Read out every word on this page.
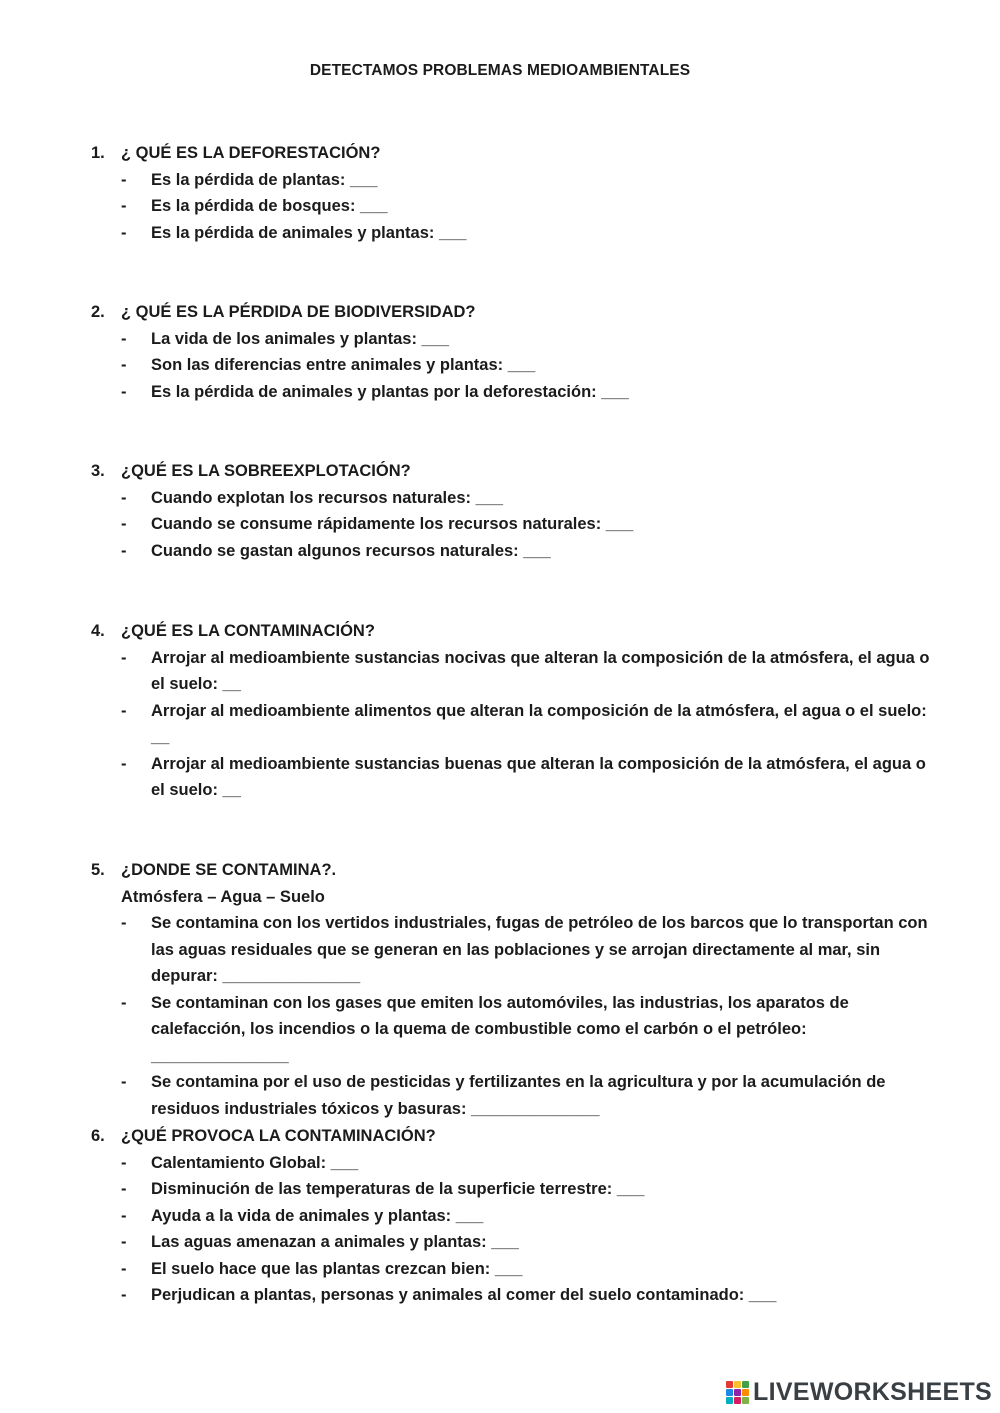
DETECTAMOS PROBLEMAS MEDIOAMBIENTALES
1. ¿ QUÉ ES LA DEFORESTACIÓN?
- Es la pérdida de plantas: ___
- Es la pérdida de bosques: ___
- Es la pérdida de animales y plantas: ___
2. ¿ QUÉ ES LA PÉRDIDA DE BIODIVERSIDAD?
- La vida de los animales y plantas: ___
- Son las diferencias entre animales y plantas: ___
- Es la pérdida de animales y plantas por la deforestación: ___
3. ¿QUÉ ES LA SOBREEXPLOTACIÓN?
- Cuando explotan los recursos naturales: ___
- Cuando se consume rápidamente los recursos naturales: ___
- Cuando se gastan algunos recursos naturales: ___
4. ¿QUÉ ES LA CONTAMINACIÓN?
- Arrojar al medioambiente sustancias nocivas que alteran la composición de la atmósfera, el agua o el suelo: __
- Arrojar al medioambiente alimentos que alteran la composición de la atmósfera, el agua o el suelo: __
- Arrojar al medioambiente sustancias buenas que alteran la composición de la atmósfera, el agua o el suelo: __
5. ¿DONDE SE CONTAMINA?.
Atmósfera – Agua – Suelo
- Se contamina con los vertidos industriales, fugas de petróleo de los barcos que lo transportan con las aguas residuales que se generan en las poblaciones y se arrojan directamente al mar, sin depurar: _______________
- Se contaminan con los gases que emiten los automóviles, las industrias, los aparatos de calefacción, los incendios o la quema de combustible como el carbón o el petróleo: _______________
- Se contamina por el uso de pesticidas y fertilizantes en la agricultura y por la acumulación de residuos industriales tóxicos y basuras: ______________
6. ¿QUÉ PROVOCA LA CONTAMINACIÓN?
- Calentamiento Global: ___
- Disminución de las temperaturas de la superficie terrestre: ___
- Ayuda a la vida de animales y plantas: ___
- Las aguas amenazan a animales y plantas: ___
- El suelo hace que las plantas crezcan bien: ___
- Perjudican a plantas, personas y animales al comer del suelo contaminado: ___
LIVEWORKSHEETS
